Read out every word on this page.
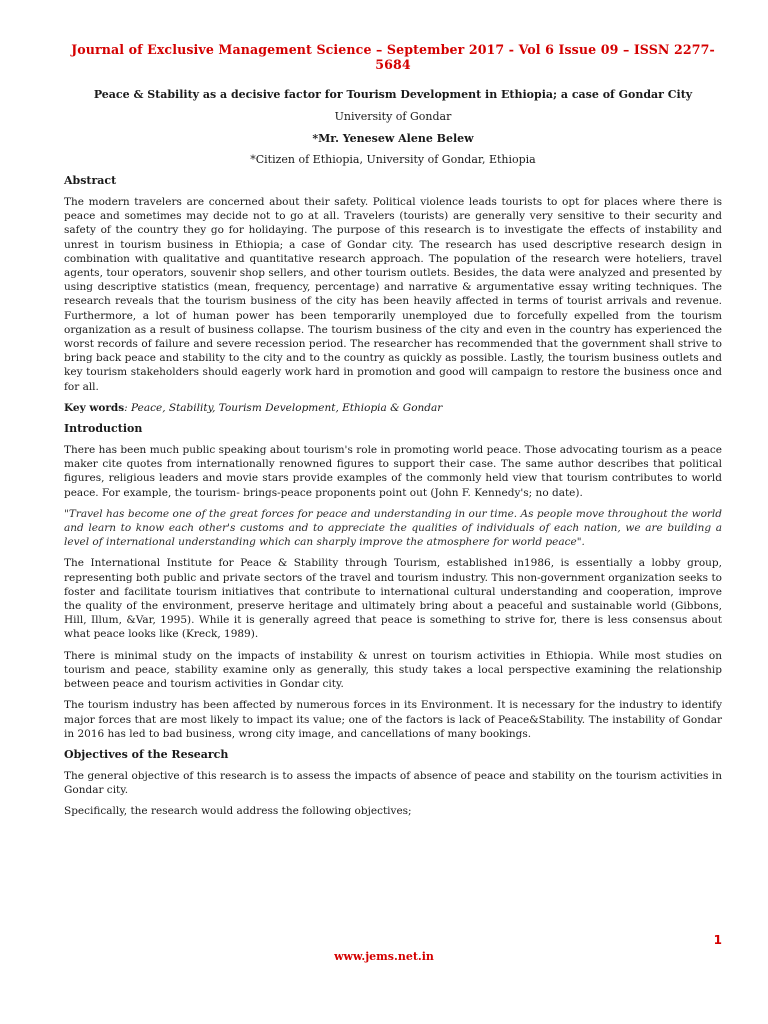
Journal of Exclusive Management Science – September 2017 - Vol 6 Issue 09 – ISSN 2277-5684
Peace & Stability as a decisive factor for Tourism Development in Ethiopia; a case of Gondar City
University of Gondar
*Mr. Yenesew Alene Belew
*Citizen of Ethiopia, University of Gondar, Ethiopia
Abstract

The modern travelers are concerned about their safety. Political violence leads tourists to opt for places where there is peace and sometimes may decide not to go at all. Travelers (tourists) are generally very sensitive to their security and safety of the country they go for holidaying. The purpose of this research is to investigate the effects of instability and unrest in tourism business in Ethiopia; a case of Gondar city. The research has used descriptive research design in combination with qualitative and quantitative research approach. The population of the research were hoteliers, travel agents, tour operators, souvenir shop sellers, and other tourism outlets. Besides, the data were analyzed and presented by using descriptive statistics (mean, frequency, percentage) and narrative & argumentative essay writing techniques. The research reveals that the tourism business of the city has been heavily affected in terms of tourist arrivals and revenue. Furthermore, a lot of human power has been temporarily unemployed due to forcefully expelled from the tourism organization as a result of business collapse. The tourism business of the city and even in the country has experienced the worst records of failure and severe recession period. The researcher has recommended that the government shall strive to bring back peace and stability to the city and to the country as quickly as possible. Lastly, the tourism business outlets and key tourism stakeholders should eagerly work hard in promotion and good will campaign to restore the business once and for all.

Key words: Peace, Stability, Tourism Development, Ethiopia & Gondar

Introduction

There has been much public speaking about tourism's role in promoting world peace. Those advocating tourism as a peace maker cite quotes from internationally renowned figures to support their case. The same author describes that political figures, religious leaders and movie stars provide examples of the commonly held view that tourism contributes to world peace. For example, the tourism- brings-peace proponents point out (John F. Kennedy's; no date).

"Travel has become one of the great forces for peace and understanding in our time. As people move throughout the world and learn to know each other's customs and to appreciate the qualities of individuals of each nation, we are building a level of international understanding which can sharply improve the atmosphere for world peace".

The International Institute for Peace & Stability through Tourism, established in1986, is essentially a lobby group, representing both public and private sectors of the travel and tourism industry. This non-government organization seeks to foster and facilitate tourism initiatives that contribute to international cultural understanding and cooperation, improve the quality of the environment, preserve heritage and ultimately bring about a peaceful and sustainable world (Gibbons, Hill, Illum, &Var, 1995). While it is generally agreed that peace is something to strive for, there is less consensus about what peace looks like (Kreck, 1989).

There is minimal study on the impacts of instability & unrest on tourism activities in Ethiopia. While most studies on tourism and peace, stability examine only as generally, this study takes a local perspective examining the relationship between peace and tourism activities in Gondar city.

The tourism industry has been affected by numerous forces in its Environment. It is necessary for the industry to identify major forces that are most likely to impact its value; one of the factors is lack of Peace&Stability. The instability of Gondar in 2016 has led to bad business, wrong city image, and cancellations of many bookings.

Objectives of the Research

The general objective of this research is to assess the impacts of absence of peace and stability on the tourism activities in Gondar city.

Specifically, the research would address the following objectives;

1
www.jems.net.in
